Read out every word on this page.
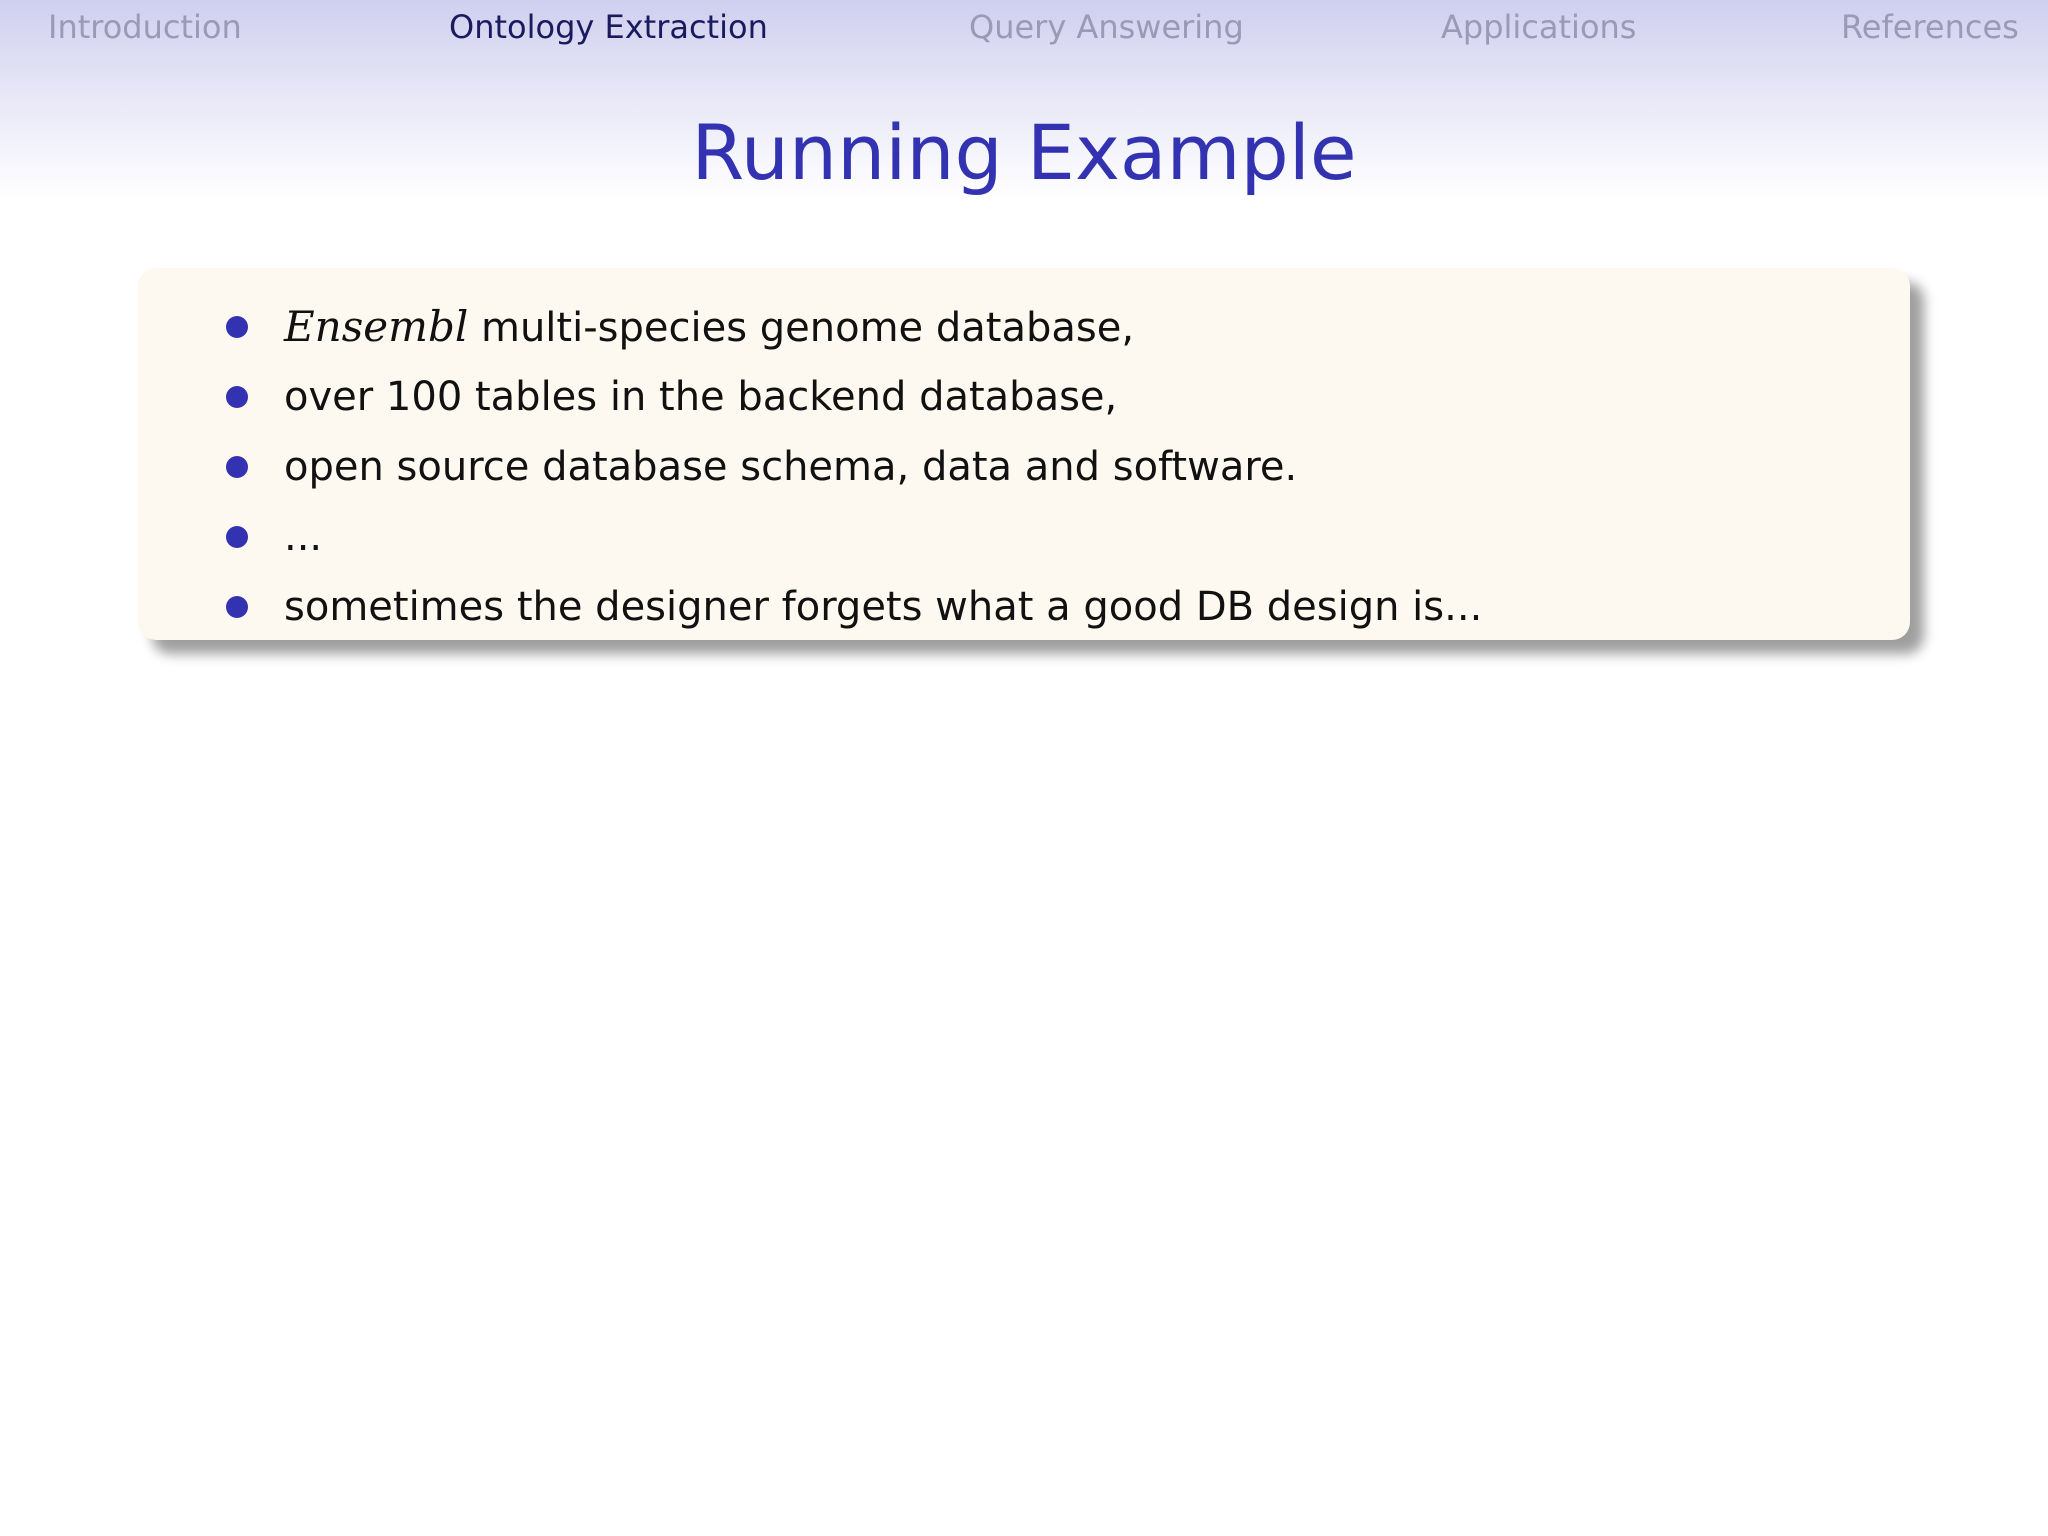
Introduction	Ontology Extraction	Query Answering	Applications	References
Running Example
Ensembl multi-species genome database,
over 100 tables in the backend database,
open source database schema, data and software.
...
sometimes the designer forgets what a good DB design is...
